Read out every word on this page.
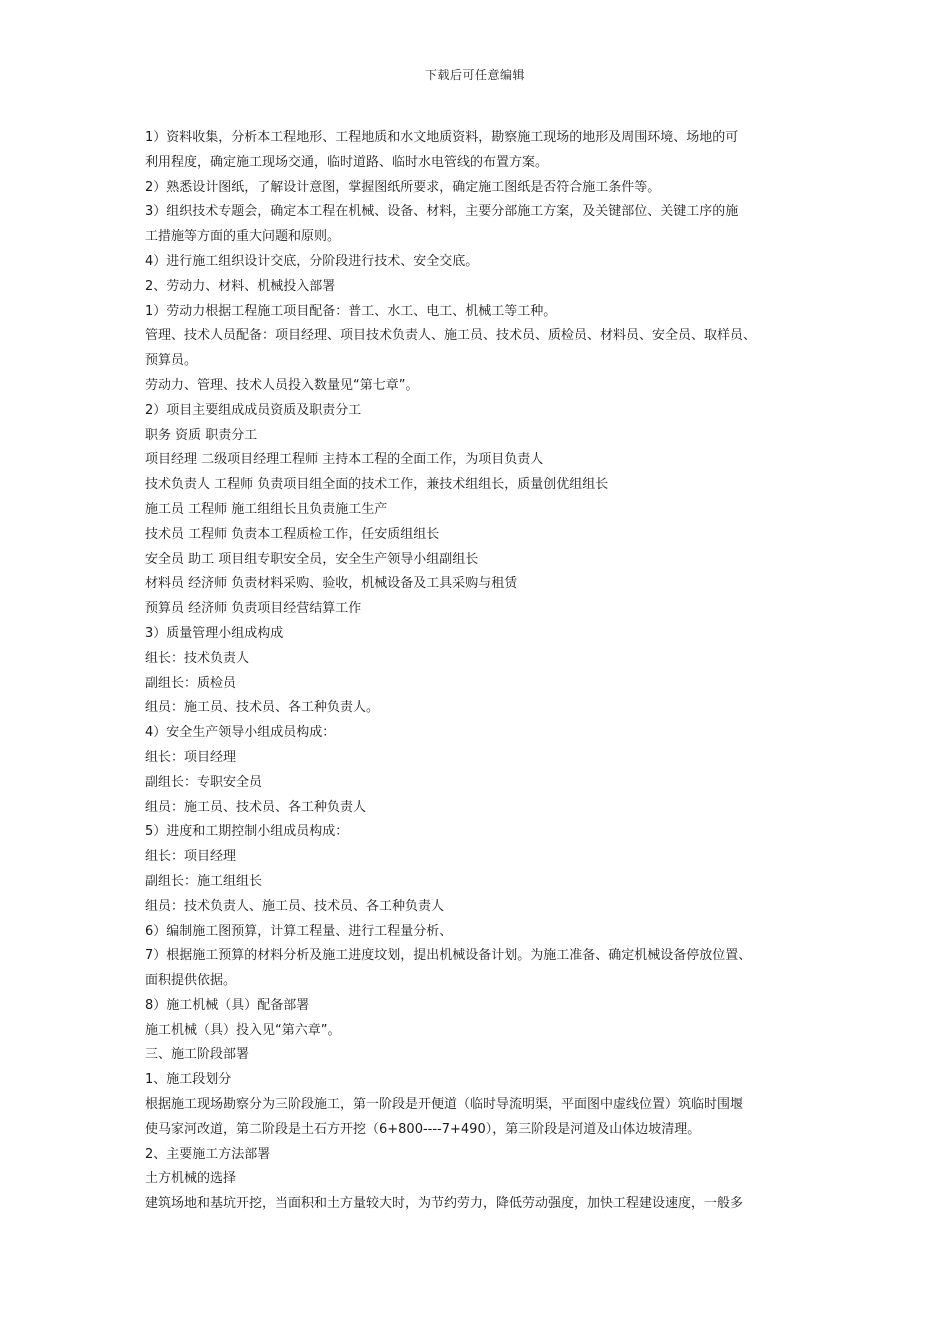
下载后可任意编辑
1）资料收集，分析本工程地形、工程地质和水文地质资料，勘察施工现场的地形及周围环境、场地的可
利用程度，确定施工现场交通，临时道路、临时水电管线的布置方案。
2）熟悉设计图纸，了解设计意图，掌握图纸所要求，确定施工图纸是否符合施工条件等。
3）组织技术专题会，确定本工程在机械、设备、材料，主要分部施工方案，及关键部位、关键工序的施
工措施等方面的重大问题和原则。
4）进行施工组织设计交底，分阶段进行技术、安全交底。
2、劳动力、材料、机械投入部署
1）劳动力根据工程施工项目配备：普工、水工、电工、机械工等工种。
管理、技术人员配备：项目经理、项目技术负责人、施工员、技术员、质检员、材料员、安全员、取样员、
预算员。
劳动力、管理、技术人员投入数量见“第七章”。
2）项目主要组成成员资质及职责分工
职务 资质 职责分工
项目经理 二级项目经理工程师 主持本工程的全面工作，为项目负责人
技术负责人 工程师 负责项目组全面的技术工作，兼技术组组长，质量创优组组长
施工员 工程师 施工组组长且负责施工生产
技术员 工程师 负责本工程质检工作，任安质组组长
安全员 助工 项目组专职安全员，安全生产领导小组副组长
材料员 经济师 负责材料采购、验收，机械设备及工具采购与租赁
预算员 经济师 负责项目经营结算工作
3）质量管理小组成构成
组长：技术负责人
副组长：质检员
组员：施工员、技术员、各工种负责人。
4）安全生产领导小组成员构成：
组长：项目经理
副组长：专职安全员
组员：施工员、技术员、各工种负责人
5）进度和工期控制小组成员构成：
组长：项目经理
副组长：施工组组长
组员：技术负责人、施工员、技术员、各工种负责人
6）编制施工图预算，计算工程量、进行工程量分析、
7）根据施工预算的材料分析及施工进度坟划，提出机械设备计划。为施工准备、确定机械设备停放位置、
面积提供依据。
8）施工机械（具）配备部署
施工机械（具）投入见“第六章”。
三、施工阶段部署
1、施工段划分
根据施工现场勘察分为三阶段施工，第一阶段是开便道（临时导流明渠，平面图中虚线位置）筑临时围堰
使马家河改道，第二阶段是土石方开挖（6+800----7+490），第三阶段是河道及山体边坡清理。
2、主要施工方法部署
土方机械的选择
建筑场地和基坑开挖，当面积和土方量较大时，为节约劳力，降低劳动强度，加快工程建设速度，一般多
